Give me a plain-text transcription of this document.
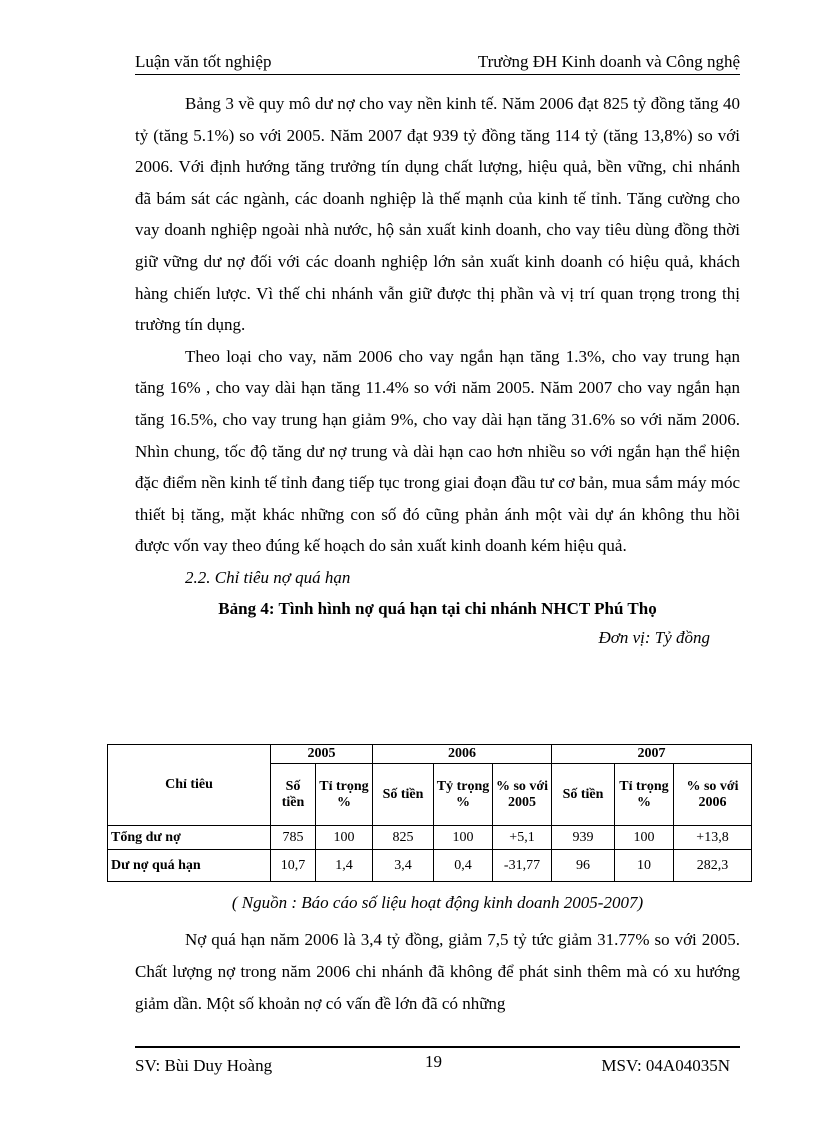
Luận văn tốt nghiệp	Trường ĐH Kinh doanh và Công nghệ

Bảng 3 về quy mô dư nợ cho vay nền kinh tế. Năm 2006 đạt 825 tỷ đồng tăng 40 tỷ (tăng 5.1%) so với 2005. Năm 2007 đạt 939 tỷ đồng tăng 114 tỷ (tăng 13,8%) so với 2006. Với định hướng tăng trưởng tín dụng chất lượng, hiệu quả, bền vững, chi nhánh đã bám sát các ngành, các doanh nghiệp là thế mạnh của kinh tế tỉnh. Tăng cường cho vay doanh nghiệp ngoài nhà nước, hộ sản xuất kinh doanh, cho vay tiêu dùng đồng thời giữ vững dư nợ đối với các doanh nghiệp lớn sản xuất kinh doanh có hiệu quả, khách hàng chiến lược. Vì thế chi nhánh vẫn giữ được thị phần và vị trí quan trọng trong thị trường tín dụng.

Theo loại cho vay, năm 2006 cho vay ngắn hạn tăng 1.3%, cho vay trung hạn tăng 16% , cho vay dài hạn tăng 11.4% so với năm 2005. Năm 2007 cho vay ngắn hạn tăng 16.5%, cho vay trung hạn giảm 9%, cho vay dài hạn tăng 31.6% so với năm 2006. Nhìn chung, tốc độ tăng dư nợ trung và dài hạn cao hơn nhiều so với ngắn hạn thể hiện đặc điểm nền kinh tế tỉnh đang tiếp tục trong giai đoạn đầu tư cơ bản, mua sắm máy móc thiết bị tăng, mặt khác những con số đó cũng phản ánh một vài dự án không thu hồi được vốn vay theo đúng kế hoạch do sản xuất kinh doanh kém hiệu quả.

2.2. Chỉ tiêu nợ quá hạn
Bảng 4: Tình hình nợ quá hạn tại chi nhánh NHCT Phú Thọ
Đơn vị: Tỷ đồng
Chỉ tiêu	2005		2006			2007		
	Số tiền	Tỉ trọng %	Số tiền	Tỷ trọng %	% so với 2005	Số tiền	Tỉ trọng %	% so với 2006
Tổng dư nợ	785	100	825	100	+5,1	939	100	+13,8
Dư nợ quá hạn	10,7	1,4	3,4	0,4	-31,77	96	10	282,3
( Nguồn : Báo cáo số liệu hoạt động kinh doanh 2005-2007)

Nợ quá hạn năm 2006 là 3,4 tỷ đồng, giảm 7,5 tỷ tức giảm 31.77% so với 2005. Chất lượng nợ trong năm 2006 chi nhánh đã không để phát sinh thêm mà có xu hướng giảm dần. Một số khoản nợ có vấn đề lớn đã có những

SV: Bùi Duy Hoàng	19	MSV: 04A04035N
